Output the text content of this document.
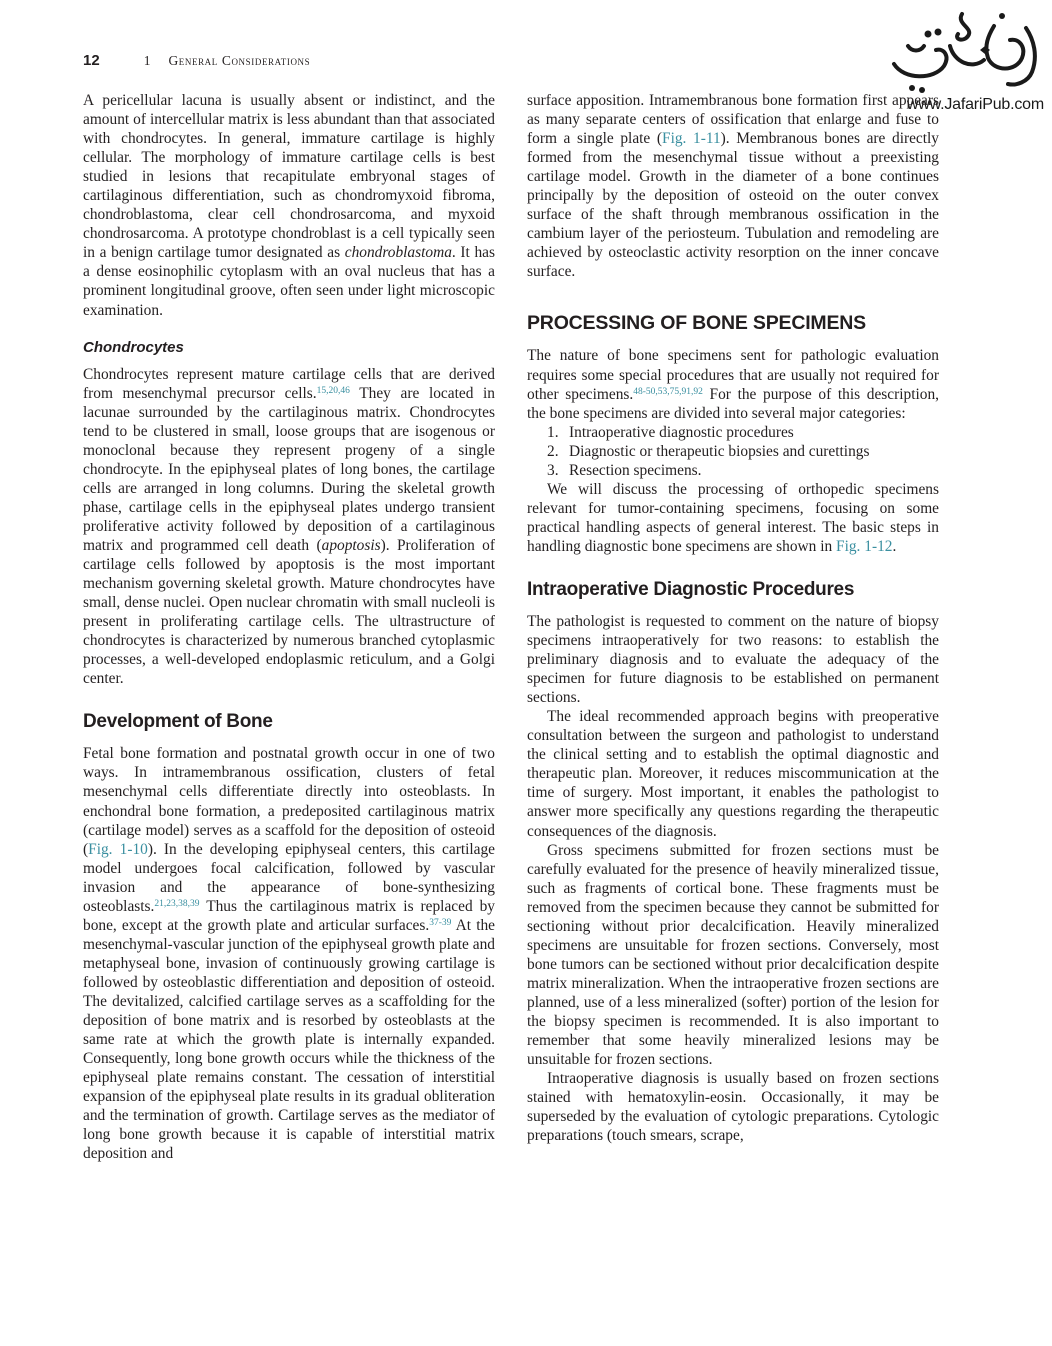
12	1 General Considerations
www.JafariPub.com

A pericellular lacuna is usually absent or indistinct, and the amount of intercellular matrix is less abundant than that associated with chondrocytes. In general, immature cartilage is highly cellular. The morphology of immature cartilage cells is best studied in lesions that recapitulate embryonal stages of cartilaginous differentiation, such as chondromyxoid fibroma, chondroblastoma, clear cell chondrosarcoma, and myxoid chondrosarcoma. A prototype chondroblast is a cell typically seen in a benign cartilage tumor designated as chondroblastoma. It has a dense eosinophilic cytoplasm with an oval nucleus that has a prominent longitudinal groove, often seen under light microscopic examination.

Chondrocytes

Chondrocytes represent mature cartilage cells that are derived from mesenchymal precursor cells.$^{15,20,46}$ They are located in lacunae surrounded by the cartilaginous matrix. Chondrocytes tend to be clustered in small, loose groups that are isogenous or monoclonal because they represent progeny of a single chondrocyte. In the epiphyseal plates of long bones, the cartilage cells are arranged in long columns. During the skeletal growth phase, cartilage cells in the epiphyseal plates undergo transient proliferative activity followed by deposition of a cartilaginous matrix and programmed cell death (apoptosis). Proliferation of cartilage cells followed by apoptosis is the most important mechanism governing skeletal growth. Mature chondrocytes have small, dense nuclei. Open nuclear chromatin with small nucleoli is present in proliferating cartilage cells. The ultrastructure of chondrocytes is characterized by numerous branched cytoplasmic processes, a well-developed endoplasmic reticulum, and a Golgi center.

Development of Bone

Fetal bone formation and postnatal growth occur in one of two ways. In intramembranous ossification, clusters of fetal mesenchymal cells differentiate directly into osteoblasts. In enchondral bone formation, a predeposited cartilaginous matrix (cartilage model) serves as a scaffold for the deposition of osteoid (Fig. 1-10). In the developing epiphyseal centers, this cartilage model undergoes focal calcification, followed by vascular invasion and the appearance of bone-synthesizing osteoblasts.$^{21,23,38,39}$ Thus the cartilaginous matrix is replaced by bone, except at the growth plate and articular surfaces.$^{37-39}$ At the mesenchymal-vascular junction of the epiphyseal growth plate and metaphyseal bone, invasion of continuously growing cartilage is followed by osteoblastic differentiation and deposition of osteoid. The devitalized, calcified cartilage serves as a scaffolding for the deposition of bone matrix and is resorbed by osteoblasts at the same rate at which the growth plate is internally expanded. Consequently, long bone growth occurs while the thickness of the epiphyseal plate remains constant. The cessation of interstitial expansion of the epiphyseal plate results in its gradual obliteration and the termination of growth. Cartilage serves as the mediator of long bone growth because it is capable of interstitial matrix deposition and

surface apposition. Intramembranous bone formation first appears as many separate centers of ossification that enlarge and fuse to form a single plate (Fig. 1-11). Membranous bones are directly formed from the mesenchymal tissue without a preexisting cartilage model. Growth in the diameter of a bone continues principally by the deposition of osteoid on the outer convex surface of the shaft through membranous ossification in the cambium layer of the periosteum. Tubulation and remodeling are achieved by osteoclastic activity resorption on the inner concave surface.

PROCESSING OF BONE SPECIMENS

The nature of bone specimens sent for pathologic evaluation requires some special procedures that are usually not required for other specimens.$^{48-50,53,75,91,92}$ For the purpose of this description, the bone specimens are divided into several major categories:

1. Intraoperative diagnostic procedures
2. Diagnostic or therapeutic biopsies and curettings
3. Resection specimens.

We will discuss the processing of orthopedic specimens relevant for tumor-containing specimens, focusing on some practical handling aspects of general interest. The basic steps in handling diagnostic bone specimens are shown in Fig. 1-12.

Intraoperative Diagnostic Procedures

The pathologist is requested to comment on the nature of biopsy specimens intraoperatively for two reasons: to establish the preliminary diagnosis and to evaluate the adequacy of the specimen for future diagnosis to be established on permanent sections.

The ideal recommended approach begins with preoperative consultation between the surgeon and pathologist to understand the clinical setting and to establish the optimal diagnostic and therapeutic plan. Moreover, it reduces miscommunication at the time of surgery. Most important, it enables the pathologist to answer more specifically any questions regarding the therapeutic consequences of the diagnosis.

Gross specimens submitted for frozen sections must be carefully evaluated for the presence of heavily mineralized tissue, such as fragments of cortical bone. These fragments must be removed from the specimen because they cannot be submitted for sectioning without prior decalcification. Heavily mineralized specimens are unsuitable for frozen sections. Conversely, most bone tumors can be sectioned without prior decalcification despite matrix mineralization. When the intraoperative frozen sections are planned, use of a less mineralized (softer) portion of the lesion for the biopsy specimen is recommended. It is also important to remember that some heavily mineralized lesions may be unsuitable for frozen sections.

Intraoperative diagnosis is usually based on frozen sections stained with hematoxylin-eosin. Occasionally, it may be superseded by the evaluation of cytologic preparations. Cytologic preparations (touch smears, scrape,
